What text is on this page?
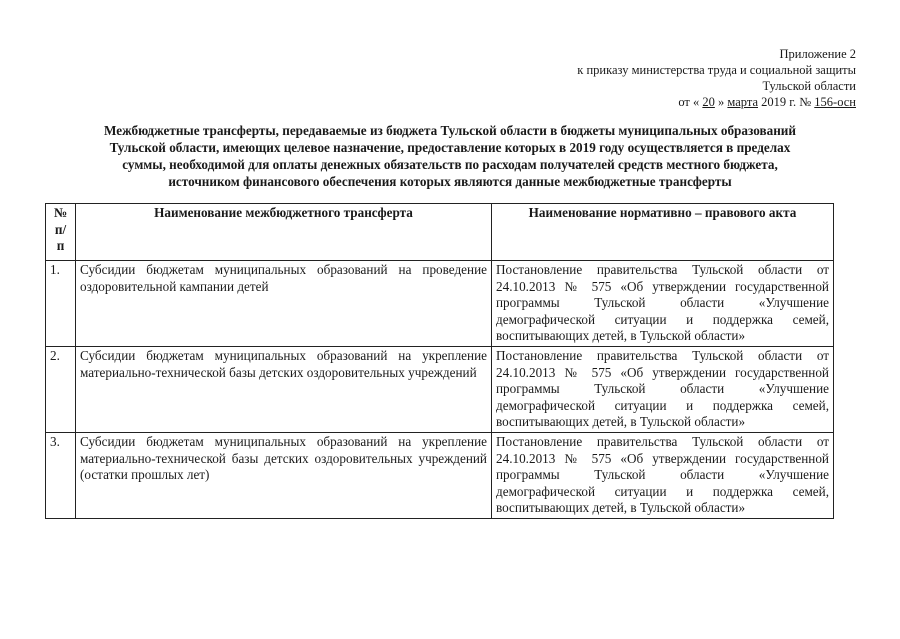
Приложение 2
к приказу министерства труда и социальной защиты
Тульской области
от « 20 » марта 2019 г. № 156-осн
Межбюджетные трансферты, передаваемые из бюджета Тульской области в бюджеты муниципальных образований
Тульской области, имеющих целевое назначение, предоставление которых в 2019 году осуществляется в пределах
суммы, необходимой для оплаты денежных обязательств по расходам получателей средств местного бюджета,
источником финансового обеспечения которых являются данные межбюджетные трансферты
№ п/ п	Наименование межбюджетного трансферта	Наименование нормативно – правового акта
1.	Субсидии бюджетам муниципальных образований на проведение оздоровительной кампании детей	Постановление правительства Тульской области от 24.10.2013 № 575 «Об утверждении государственной программы Тульской области «Улучшение демографической ситуации и поддержка семей, воспитывающих детей, в Тульской области»
2.	Субсидии бюджетам муниципальных образований на укрепление материально-технической базы детских оздоровительных учреждений	Постановление правительства Тульской области от 24.10.2013 № 575 «Об утверждении государственной программы Тульской области «Улучшение демографической ситуации и поддержка семей, воспитывающих детей, в Тульской области»
3.	Субсидии бюджетам муниципальных образований на укрепление материально-технической базы детских оздоровительных учреждений (остатки прошлых лет)	Постановление правительства Тульской области от 24.10.2013 № 575 «Об утверждении государственной программы Тульской области «Улучшение демографической ситуации и поддержка семей, воспитывающих детей, в Тульской области»
